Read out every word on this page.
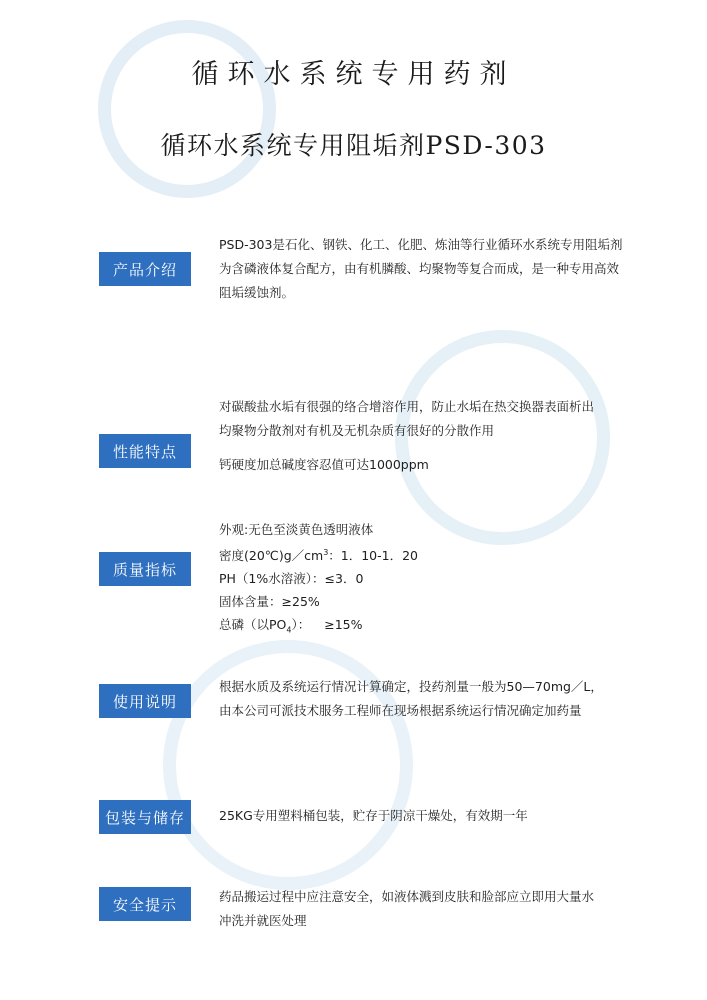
循环水系统专用药剂
循环水系统专用阻垢剂PSD-303
产品介绍
PSD-303是石化、钢铁、化工、化肥、炼油等行业循环水系统专用阻垢剂
为含磷液体复合配方，由有机膦酸、均聚物等复合而成，是一种专用高效
阻垢缓蚀剂。
性能特点
对碳酸盐水垢有很强的络合增溶作用，防止水垢在热交换器表面析出
均聚物分散剂对有机及无机杂质有很好的分散作用
钙硬度加总碱度容忍值可达1000ppm
质量指标
外观:无色至淡黄色透明液体
密度$(20℃)g/cm^3$：1．10-1．20
PH（1%水溶液）：≤3．0
固体含量：≥25%
总磷（以$PO_4$）： ≥15%
使用说明
根据水质及系统运行情况计算确定，投药剂量一般为50—70mg／L，
由本公司可派技术服务工程师在现场根据系统运行情况确定加药量
包装与储存	25KG专用塑料桶包装，贮存于阴凉干燥处，有效期一年
安全提示	药品搬运过程中应注意安全，如液体溅到皮肤和脸部应立即用大量水
冲洗并就医处理
